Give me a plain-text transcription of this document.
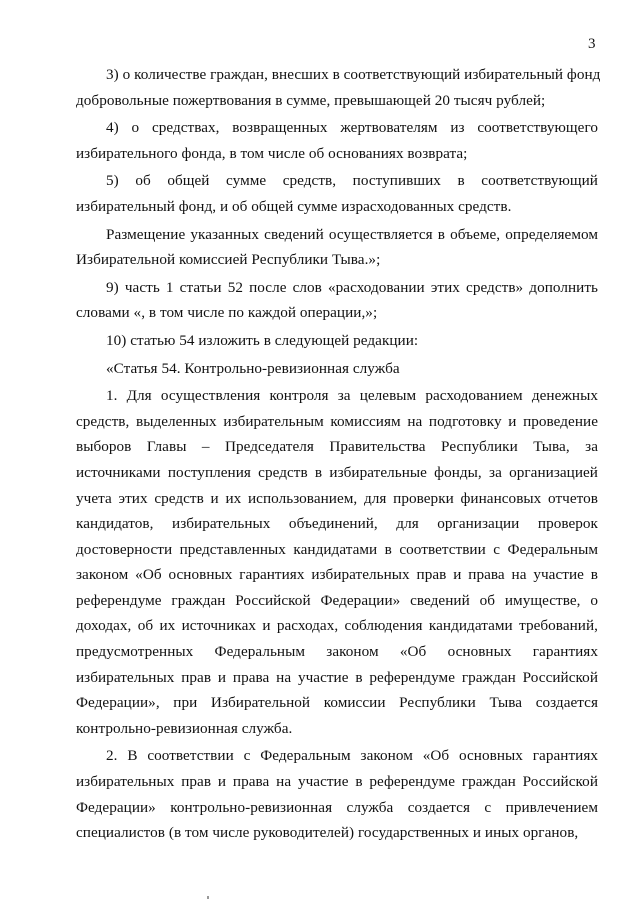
3
3) о количестве граждан, внесших в соответствующий избирательный фонд
добровольные пожертвования в сумме, превышающей 20 тысяч рублей;
4) о средствах, возвращенных жертвователям из соответствующего
избирательного фонда, в том числе об основаниях возврата;
5) об общей сумме средств, поступивших в соответствующий
избирательный фонд, и об общей сумме израсходованных средств.
Размещение указанных сведений осуществляется в объеме, определяемом
Избирательной комиссией Республики Тыва.»;
9) часть 1 статьи 52 после слов «расходовании этих средств» дополнить
словами «, в том числе по каждой операции,»;
10) статью 54 изложить в следующей редакции:
«Статья 54. Контрольно-ревизионная служба
1. Для осуществления контроля за целевым расходованием денежных
средств, выделенных избирательным комиссиям на подготовку и проведение
выборов Главы – Председателя Правительства Республики Тыва, за
источниками поступления средств в избирательные фонды, за организацией
учета этих средств и их использованием, для проверки финансовых отчетов
кандидатов, избирательных объединений, для организации проверок
достоверности представленных кандидатами в соответствии с Федеральным
законом «Об основных гарантиях избирательных прав и права на участие в
референдуме граждан Российской Федерации» сведений об имуществе, о
доходах, об их источниках и расходах, соблюдения кандидатами требований,
предусмотренных Федеральным законом «Об основных гарантиях
избирательных прав и права на участие в референдуме граждан Российской
Федерации», при Избирательной комиссии Республики Тыва создается
контрольно-ревизионная служба.
2. В соответствии с Федеральным законом «Об основных гарантиях
избирательных прав и права на участие в референдуме граждан Российской
Федерации» контрольно-ревизионная служба создается с привлечением
специалистов (в том числе руководителей) государственных и иных органов,
